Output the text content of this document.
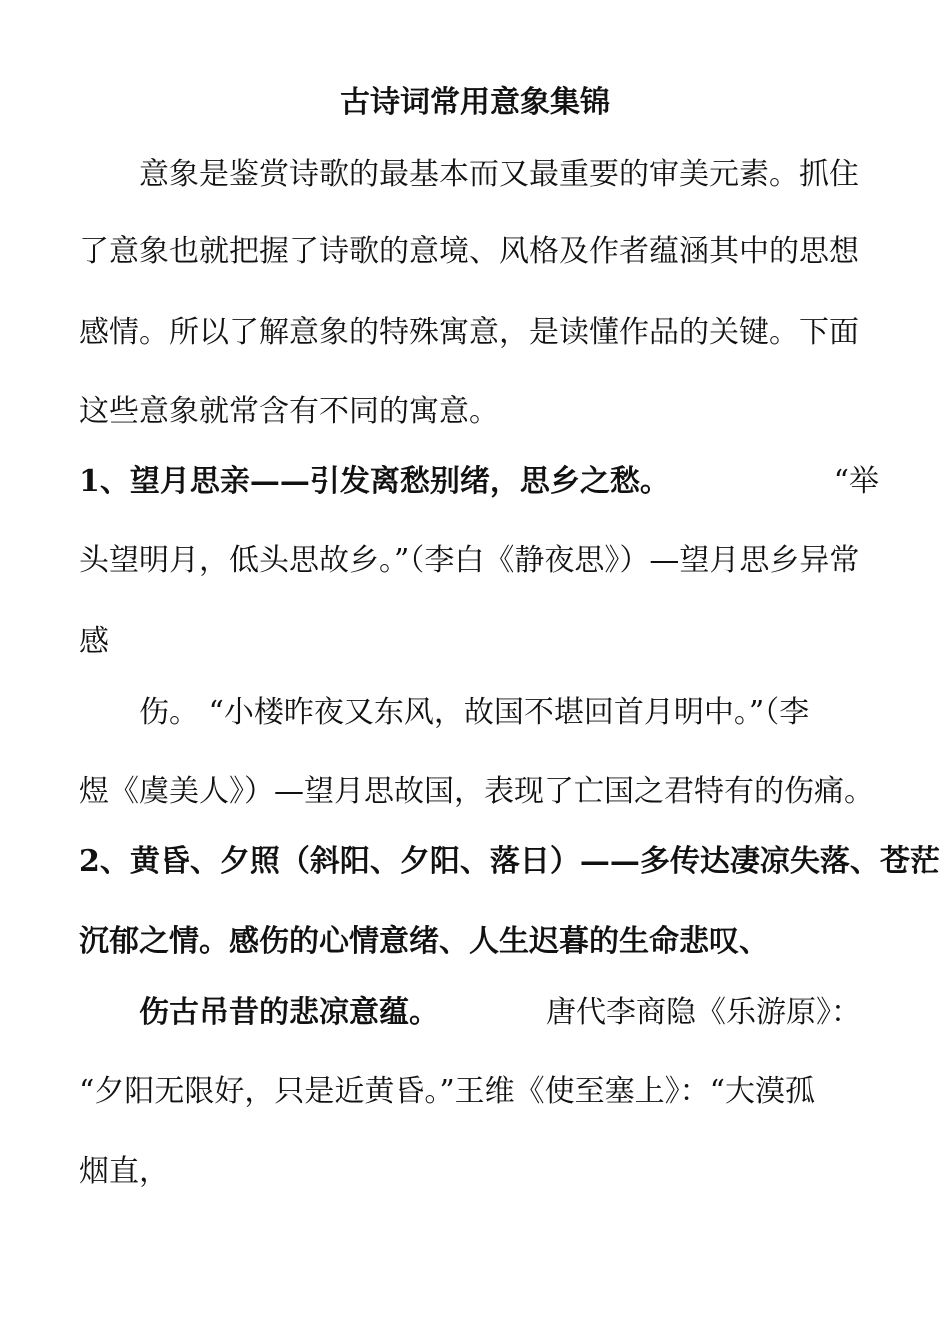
古诗词常用意象集锦
意象是鉴赏诗歌的最基本而又最重要的审美元素。抓住
了意象也就把握了诗歌的意境、风格及作者蕴涵其中的思想
感情。所以了解意象的特殊寓意，是读懂作品的关键。下面
这些意象就常含有不同的寓意。
1、望月思亲——引发离愁别绪，思乡之愁。	“举
头望明月，低头思故乡。”（李白《静夜思》）—望月思乡异常
感
伤。 “小楼昨夜又东风，故国不堪回首月明中。”（李
煜《虞美人》）—望月思故国，表现了亡国之君特有的伤痛。
2、黄昏、夕照（斜阳、夕阳、落日）——多传达凄凉失落、苍茫
沉郁之情。感伤的心情意绪、人生迟暮的生命悲叹、
伤古吊昔的悲凉意蕴。	唐代李商隐《乐游原》：
“夕阳无限好，只是近黄昏。”王维《使至塞上》：“大漠孤
烟直，
